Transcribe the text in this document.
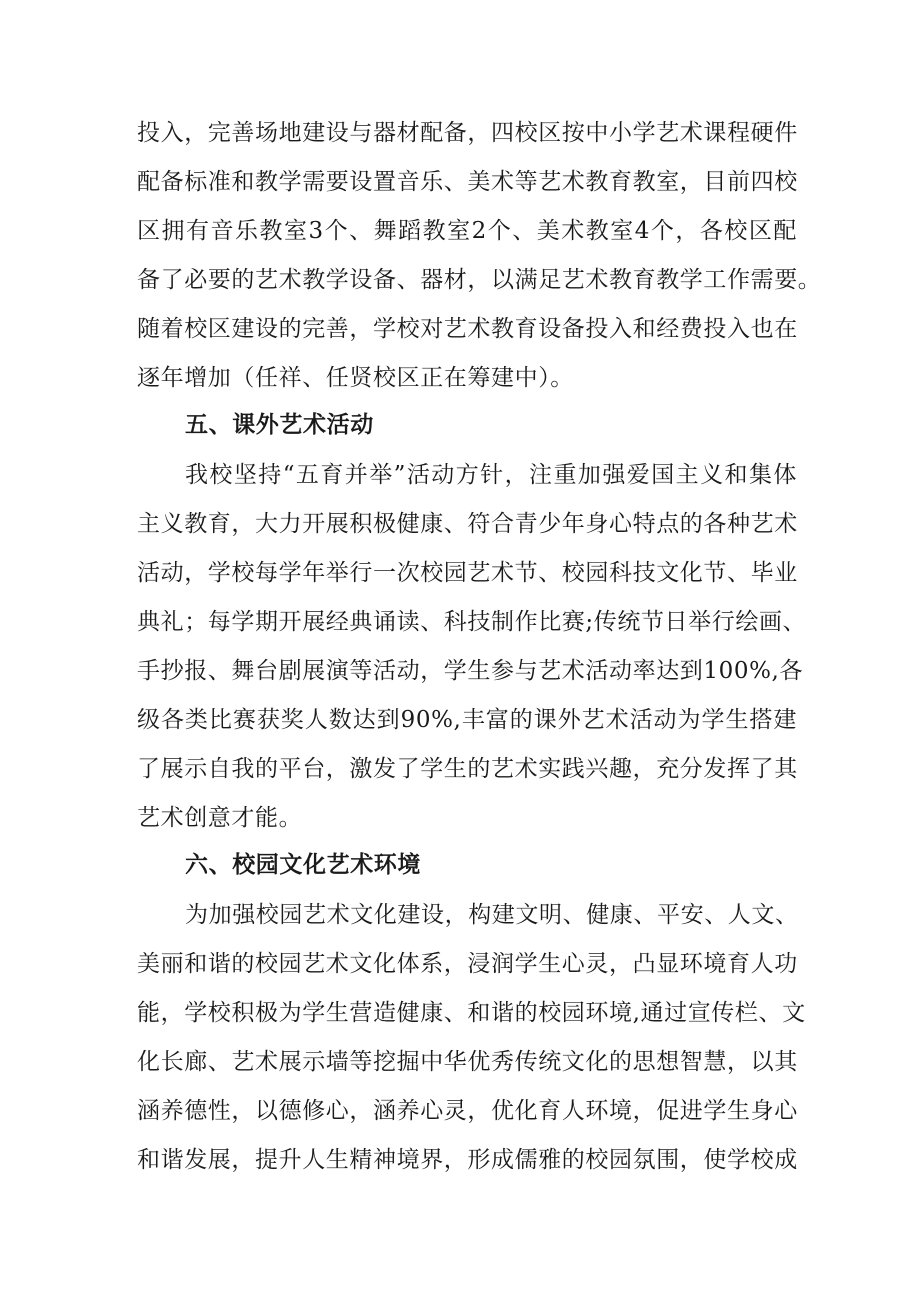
投入，完善场地建设与器材配备，四校区按中小学艺术课程硬件
配备标准和教学需要设置音乐、美术等艺术教育教室，目前四校
区拥有音乐教室3个、舞蹈教室2个、美术教室4个，各校区配
备了必要的艺术教学设备、器材，以满足艺术教育教学工作需要。
随着校区建设的完善，学校对艺术教育设备投入和经费投入也在
逐年增加（任祥、任贤校区正在筹建中）。
五、课外艺术活动
我校坚持“五育并举”活动方针，注重加强爱国主义和集体
主义教育，大力开展积极健康、符合青少年身心特点的各种艺术
活动，学校每学年举行一次校园艺术节、校园科技文化节、毕业
典礼；每学期开展经典诵读、科技制作比赛;传统节日举行绘画、
手抄报、舞台剧展演等活动，学生参与艺术活动率达到100%,各
级各类比赛获奖人数达到90%,丰富的课外艺术活动为学生搭建
了展示自我的平台，激发了学生的艺术实践兴趣，充分发挥了其
艺术创意才能。
六、校园文化艺术环境
为加强校园艺术文化建设，构建文明、健康、平安、人文、
美丽和谐的校园艺术文化体系，浸润学生心灵，凸显环境育人功
能，学校积极为学生营造健康、和谐的校园环境,通过宣传栏、文
化长廊、艺术展示墙等挖掘中华优秀传统文化的思想智慧，以其
涵养德性，以德修心，涵养心灵，优化育人环境，促进学生身心
和谐发展，提升人生精神境界，形成儒雅的校园氛围，使学校成
